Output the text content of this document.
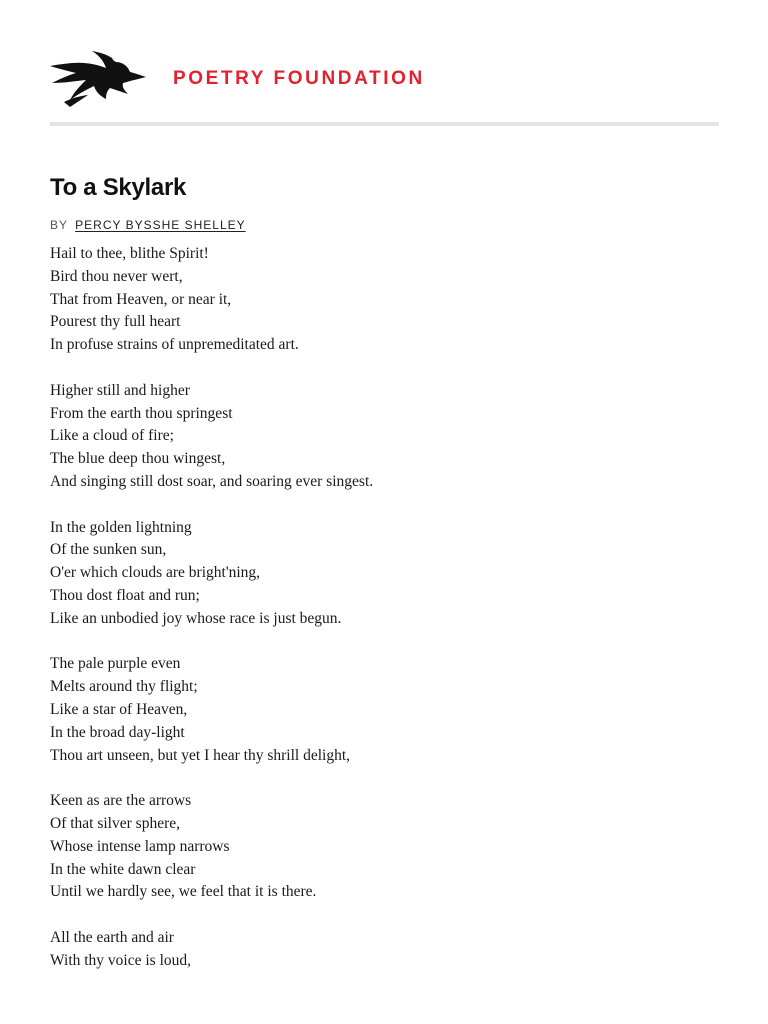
POETRY FOUNDATION
To a Skylark
BY PERCY BYSSHE SHELLEY
Hail to thee, blithe Spirit!
Bird thou never wert,
That from Heaven, or near it,
Pourest thy full heart
In profuse strains of unpremeditated art.
Higher still and higher
From the earth thou springest
Like a cloud of fire;
The blue deep thou wingest,
And singing still dost soar, and soaring ever singest.
In the golden lightning
Of the sunken sun,
O'er which clouds are bright'ning,
Thou dost float and run;
Like an unbodied joy whose race is just begun.
The pale purple even
Melts around thy flight;
Like a star of Heaven,
In the broad day-light
Thou art unseen, but yet I hear thy shrill delight,
Keen as are the arrows
Of that silver sphere,
Whose intense lamp narrows
In the white dawn clear
Until we hardly see, we feel that it is there.
All the earth and air
With thy voice is loud,
